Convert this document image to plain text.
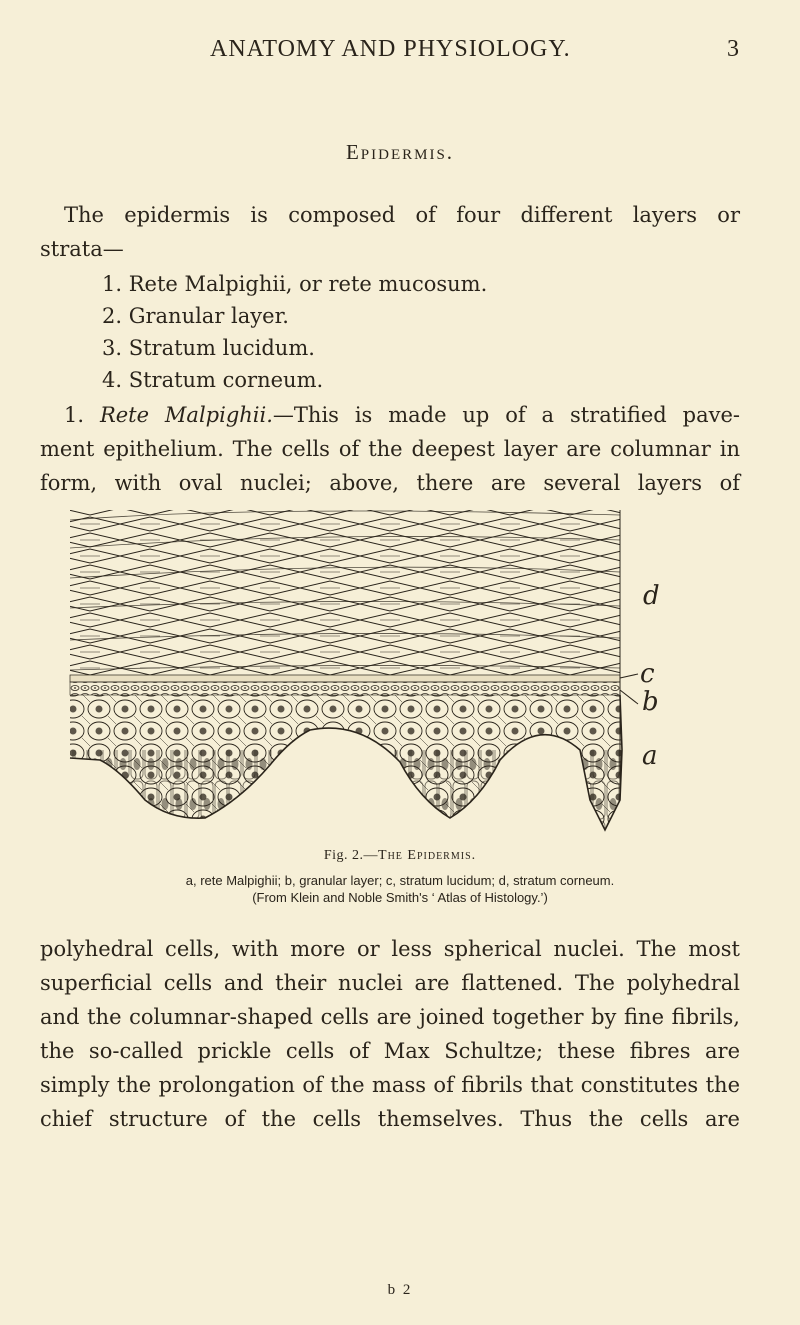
ANATOMY AND PHYSIOLOGY.	3
Epidermis.
The epidermis is composed of four different layers or
strata—
1. Rete Malpighii, or rete mucosum.
2. Granular layer.
3. Stratum lucidum.
4. Stratum corneum.
1. Rete Malpighii.—This is made up of a stratified pave-
ment epithelium. The cells of the deepest layer are columnar in form, with oval nuclei; above, there are several layers of
d
c
b
a
Fig. 2.—The Epidermis.
a, rete Malpighii; b, granular layer; c, stratum lucidum; d, stratum corneum.
(From Klein and Noble Smith's ‘ Atlas of Histology.’)
polyhedral cells, with more or less spherical nuclei. The most superficial cells and their nuclei are flattened. The polyhedral and the columnar-shaped cells are joined together by fine fibrils, the so-called prickle cells of Max Schultze; these fibres are simply the prolongation of the mass of fibrils that constitutes the chief structure of the cells themselves. Thus the cells are
b 2
